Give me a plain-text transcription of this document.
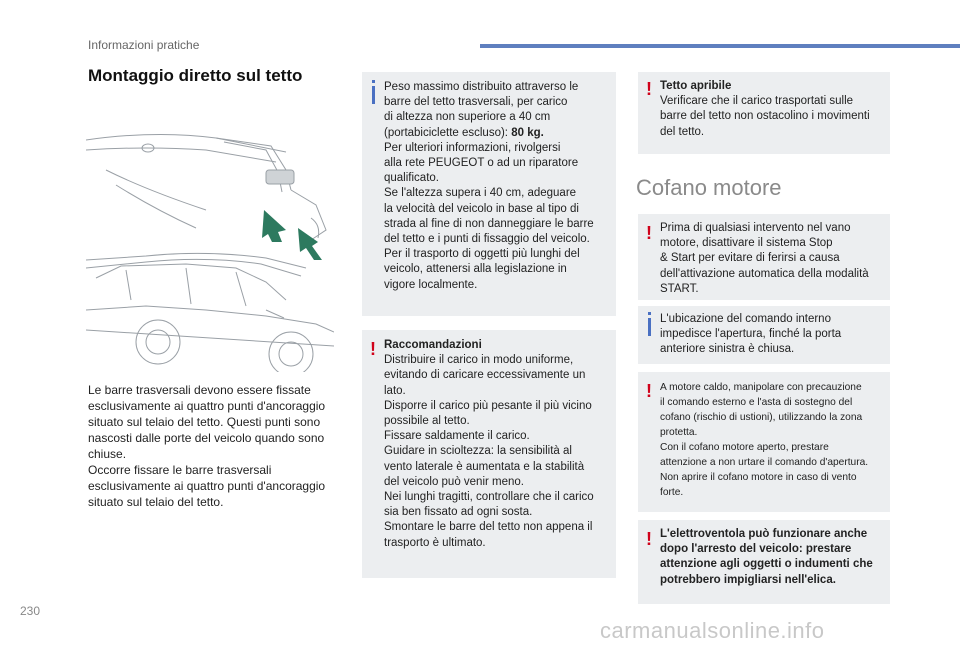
Informazioni pratiche
Montaggio diretto sul tetto
Le barre trasversali devono essere fissate
esclusivamente ai quattro punti d'ancoraggio
situato sul telaio del tetto. Questi punti sono
nascosti dalle porte del veicolo quando sono
chiuse.
Occorre fissare le barre trasversali
esclusivamente ai quattro punti d'ancoraggio
situato sul telaio del tetto.

Peso massimo distribuito attraverso le

barre del tetto trasversali, per carico

di altezza non superiore a 40 cm

(portabiciclette escluso): 80 kg.

Per ulteriori informazioni, rivolgersi

alla rete PEUGEOT o ad un riparatore

qualificato.

Se l'altezza supera i 40 cm, adeguare

la velocità del veicolo in base al tipo di

strada al fine di non danneggiare le barre

del tetto e i punti di fissaggio del veicolo.

Per il trasporto di oggetti più lunghi del

veicolo, attenersi alla legislazione in

vigore localmente.

! Raccomandazioni

Distribuire il carico in modo uniforme,

evitando di caricare eccessivamente un

lato.

Disporre il carico più pesante il più vicino

possibile al tetto.

Fissare saldamente il carico.

Guidare in scioltezza: la sensibilità al

vento laterale è aumentata e la stabilità

del veicolo può venir meno.

Nei lunghi tragitti, controllare che il carico

sia ben fissato ad ogni sosta.

Smontare le barre del tetto non appena il

trasporto è ultimato.

! Tetto apribile

Verificare che il carico trasportati sulle

barre del tetto non ostacolino i movimenti

del tetto.

Cofano motore
! Prima di qualsiasi intervento nel vano

motore, disattivare il sistema Stop

& Start per evitare di ferirsi a causa

dell'attivazione automatica della modalità

START.

L'ubicazione del comando interno

impedisce l'apertura, finché la porta

anteriore sinistra è chiusa.

! A motore caldo, manipolare con precauzione

il comando esterno e l'asta di sostegno del

cofano (rischio di ustioni), utilizzando la zona

protetta.

Con il cofano motore aperto, prestare

attenzione a non urtare il comando d'apertura.

Non aprire il cofano motore in caso di vento

forte.

! L'elettroventola può funzionare anche

dopo l'arresto del veicolo: prestare

attenzione agli oggetti o indumenti che

potrebbero impigliarsi nell'elica.

230
carmanualsonline.info
